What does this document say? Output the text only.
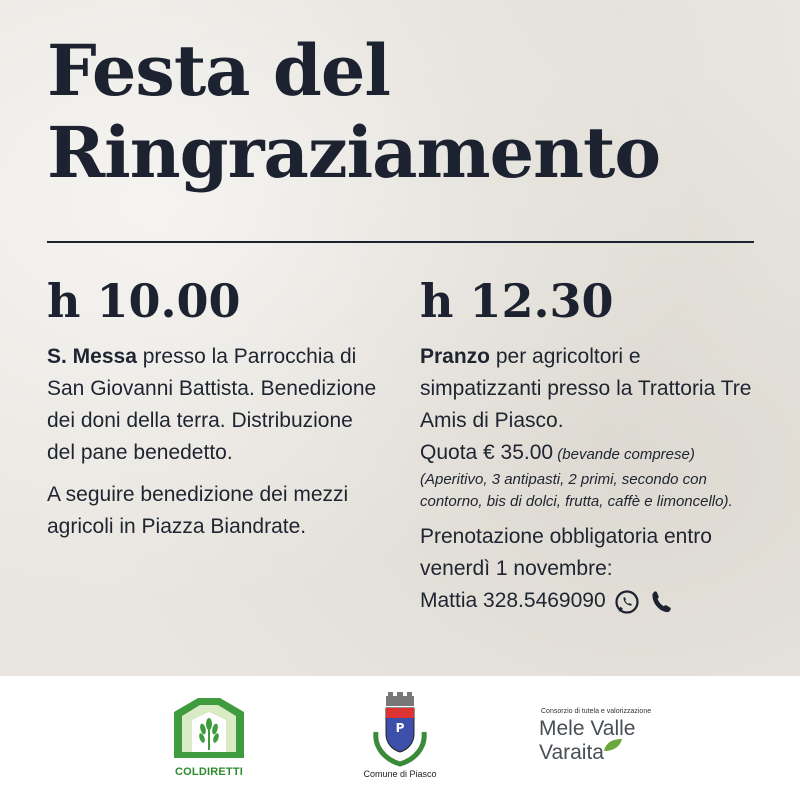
Festa del
Ringraziamento
h 10.00	h 12.30

S. Messa presso la Parrocchia di San Giovanni Battista. Benedizione dei doni della terra. Distribuzione del pane benedetto.

A seguire benedizione dei mezzi agricoli in Piazza Biandrate.

Pranzo per agricoltori e simpatizzanti presso la Trattoria Tre Amis di Piasco.

Quota € 35.00 (bevande comprese)

(Aperitivo, 3 antipasti, 2 primi, secondo con contorno, bis di dolci, frutta, caffè e limoncello).

Prenotazione obbligatoria entro venerdì 1 novembre:

Mattia 328.5469090

COLDIRETTI
P
Comune di Piasco
Consorzio di tutela e valorizzazione
Mele Valle
Varaita
